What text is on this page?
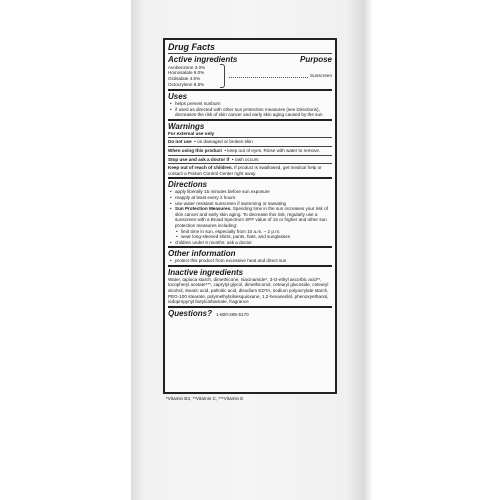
Drug Facts
Active ingredients	Purpose
Avobenzone 3.0%
Homosalate 9.0%
Octisalate 4.5%
Octocrylene 8.5%
Sunscreen
Uses
• helps prevent sunburn
• if used as directed with other sun protection measures (see Directions), decreases the risk of skin cancer and early skin aging caused by the sun
Warnings
For external use only
Do not use  • on damaged or broken skin
When using this product  • keep out of eyes. Rinse with water to remove.
Stop use and ask a doctor if  • rash occurs
Keep out of reach of children. If product is swallowed, get medical help or contact a Poison Control Center right away.
Directions
• apply liberally 15 minutes before sun exposure
• reapply at least every 2 hours
• use water resistant sunscreen if swimming or sweating
• Sun Protection Measures. Spending time in the sun increases your risk of skin cancer and early skin aging. To decrease this risk, regularly use a sunscreen with a Broad Spectrum SPF value of 15 or higher and other sun protection measures including:
• limit time in sun, especially from 10 a.m. – 2 p.m.
• wear long-sleeved shirts, pants, hats, and sunglasses
• children under 6 months: ask a doctor
Other information
• protect this product from excessive heat and direct sun
Inactive ingredients
Water, tapioca starch, dimethicone, niacinamide*, 3-O-ethyl ascorbic acid**, tocopheryl acetate***, caprylyl glycol, dimethiconol, cetearyl glucoside, cetearyl alcohol, stearic acid, palmitic acid, disodium EDTA, sodium polyacrylate starch, PEG-100 stearate, polymethylsilsesquioxane, 1,2-hexanediol, phenoxyethanol, iodopropynyl butylcarbamate, fragrance
Questions? 1-800-285-5170
*Vitamin B3, **Vitamin C, ***Vitamin E
